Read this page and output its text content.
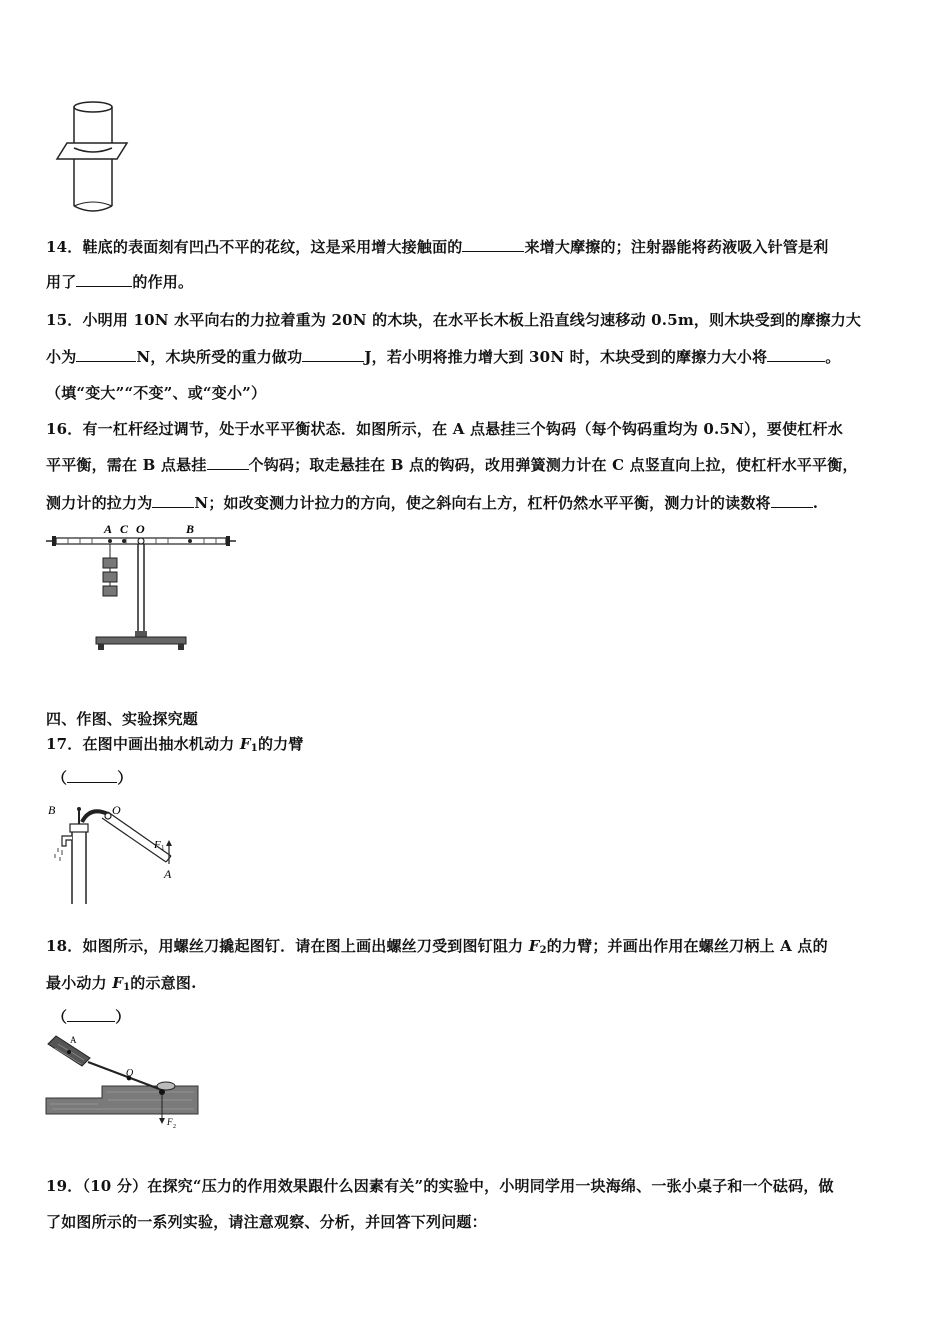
14．鞋底的表面刻有凹凸不平的花纹，这是采用增大接触面的	来增大摩擦的；注射器能将药液吸入针管是利
用了	的作用。
15．小明用 10N 水平向右的力拉着重为 20N 的木块，在水平长木板上沿直线匀速移动 0.5m，则木块受到的摩擦力大
小为	N，木块所受的重力做功	J，若小明将推力增大到 30N 时，木块受到的摩擦力大小将	。
（填“变大”“不变”、或“变小”）
16．有一杠杆经过调节，处于水平平衡状态．如图所示，在 A 点悬挂三个钩码（每个钩码重均为 0.5N），要使杠杆水
平平衡，需在 B 点悬挂	个钩码；取走悬挂在 B 点的钩码，改用弹簧测力计在 C 点竖直向上拉，使杠杆水平平衡，
测力计的拉力为	N；如改变测力计拉力的方向，使之斜向右上方，杠杆仍然水平平衡，测力计的读数将	.
A C O	B
四、作图、实验探究题
17．在图中画出抽水机动力 $F_1$的力臂
（	）
B	O
F 1
A
18．如图所示，用螺丝刀撬起图钉．请在图上画出螺丝刀受到图钉阻力 $F_2$的力臂；并画出作用在螺丝刀柄上 A 点的
最小动力 $F_1$的示意图.
（	）
A
O
F 2
19．（10 分）在探究“压力的作用效果跟什么因素有关”的实验中，小明同学用一块海绵、一张小桌子和一个砝码，做
了如图所示的一系列实验，请注意观察、分析，并回答下列问题：
